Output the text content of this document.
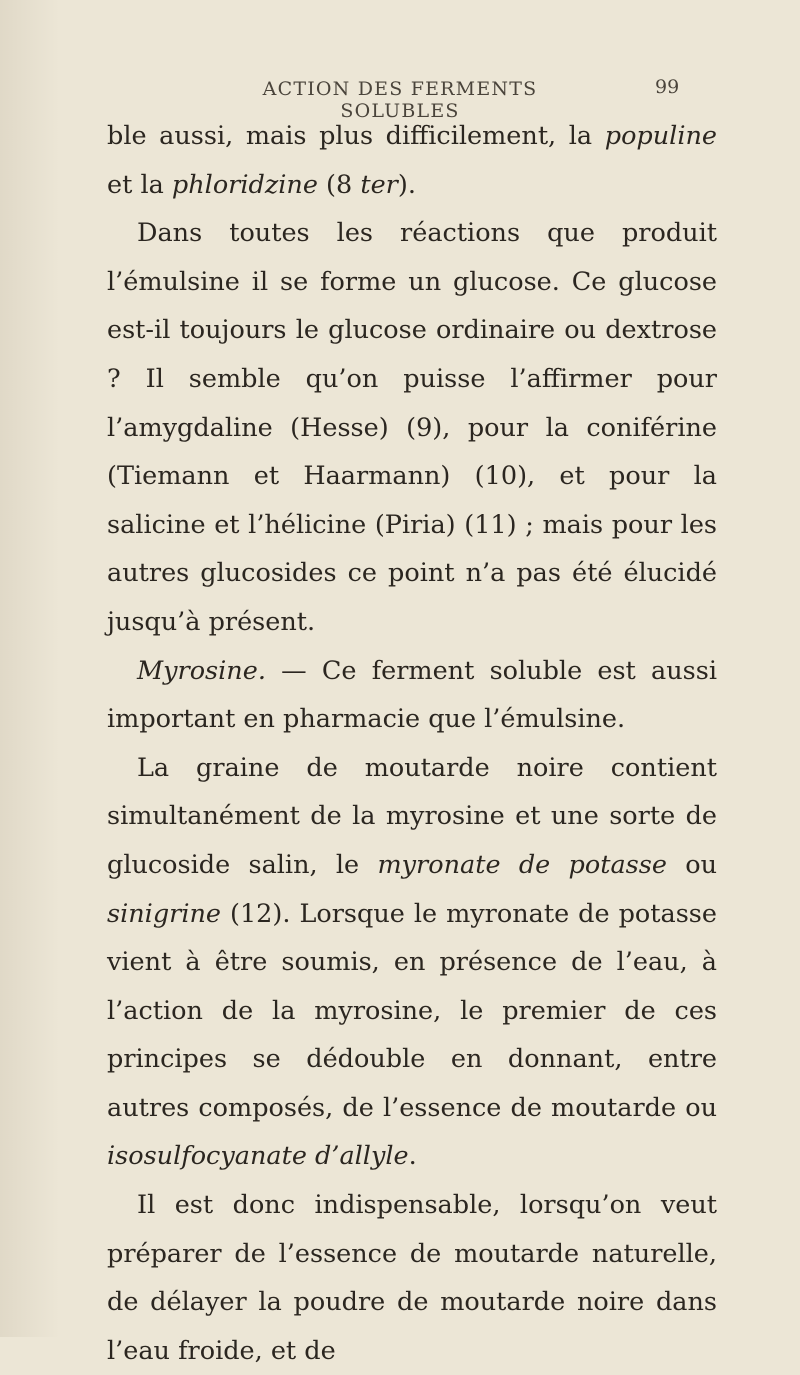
ACTION DES FERMENTS SOLUBLES
99

ble aussi, mais plus difficilement, la populine et la phloridzine (8 ter).

Dans toutes les réactions que produit l’émulsine il se forme un glucose. Ce glucose est-il toujours le glucose ordinaire ou dextrose ? Il semble qu’on puisse l’affirmer pour l’amygdaline (Hesse) (9), pour la coniférine (Tiemann et Haarmann) (10), et pour la salicine et l’hélicine (Piria) (11) ; mais pour les autres glucosides ce point n’a pas été élucidé jusqu’à présent.

Myrosine. — Ce ferment soluble est aussi important en pharmacie que l’émulsine.

La graine de moutarde noire contient simultanément de la myrosine et une sorte de glucoside salin, le myronate de potasse ou sinigrine (12). Lorsque le myronate de potasse vient à être soumis, en présence de l’eau, à l’action de la myrosine, le premier de ces principes se dédouble en donnant, entre autres composés, de l’essence de moutarde ou isosulfocyanate d’allyle.

Il est donc indispensable, lorsqu’on veut préparer de l’essence de moutarde naturelle, de délayer la poudre de moutarde noire dans l’eau froide, et de
